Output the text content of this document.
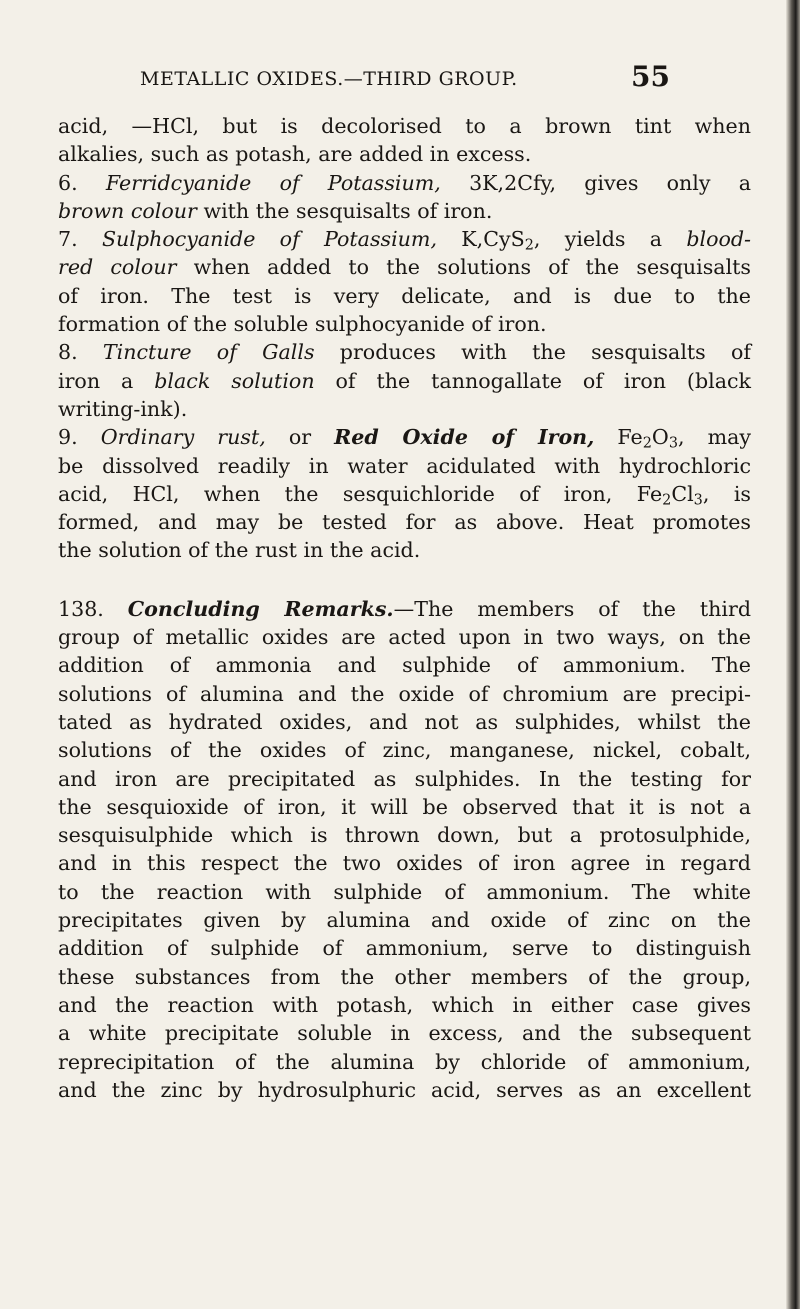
METALLIC OXIDES.—THIRD GROUP.	55
acid, —HCl, but is decolorised to a brown tint when
alkalies, such as potash, are added in excess.
6. Ferridcyanide of Potassium, 3K,2Cfy, gives only a
brown colour with the sesquisalts of iron.
7. Sulphocyanide of Potassium, K,CyS$_2$, yields a blood-
red colour when added to the solutions of the sesquisalts
of iron. The test is very delicate, and is due to the
formation of the soluble sulphocyanide of iron.
8. Tincture of Galls produces with the sesquisalts of
iron a black solution of the tannogallate of iron (black
writing-ink).
9. Ordinary rust, or Red Oxide of Iron, $Fe_2O_3$, may
be dissolved readily in water acidulated with hydrochloric
acid, HCl, when the sesquichloride of iron, $Fe_2Cl_3$, is
formed, and may be tested for as above. Heat promotes
the solution of the rust in the acid.
138. Concluding Remarks.—The members of the third
group of metallic oxides are acted upon in two ways, on the
addition of ammonia and sulphide of ammonium. The
solutions of alumina and the oxide of chromium are precipi-
tated as hydrated oxides, and not as sulphides, whilst the
solutions of the oxides of zinc, manganese, nickel, cobalt,
and iron are precipitated as sulphides. In the testing for
the sesquioxide of iron, it will be observed that it is not a
sesquisulphide which is thrown down, but a protosulphide,
and in this respect the two oxides of iron agree in regard
to the reaction with sulphide of ammonium. The white
precipitates given by alumina and oxide of zinc on the
addition of sulphide of ammonium, serve to distinguish
these substances from the other members of the group,
and the reaction with potash, which in either case gives
a white precipitate soluble in excess, and the subsequent
reprecipitation of the alumina by chloride of ammonium,
and the zinc by hydrosulphuric acid, serves as an excellent
